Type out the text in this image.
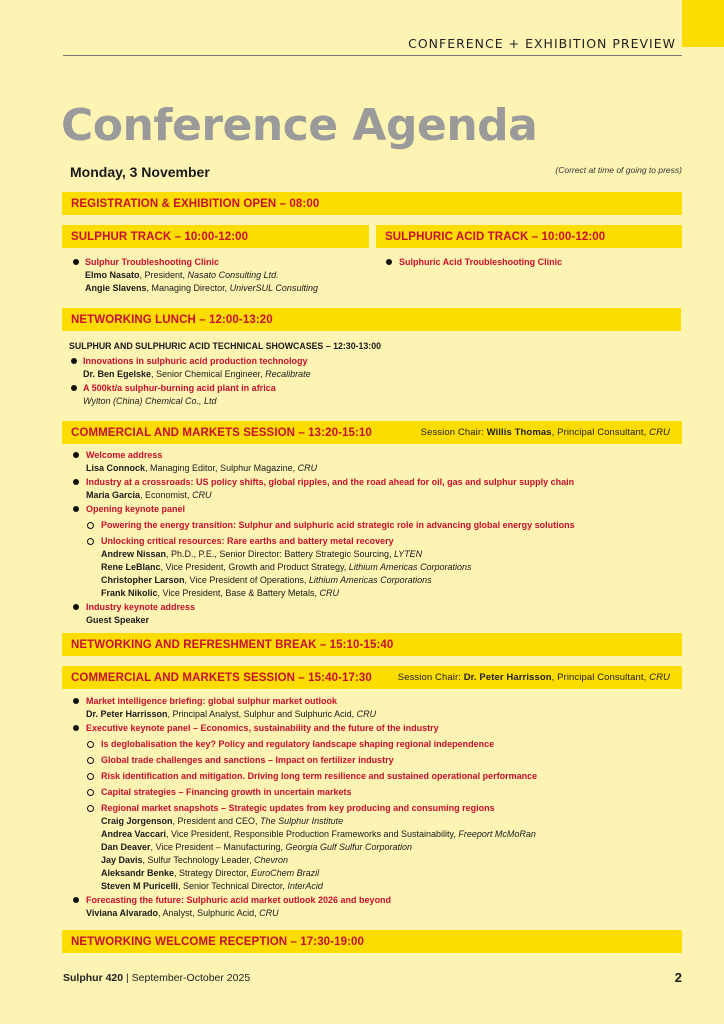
CONFERENCE + EXHIBITION PREVIEW
Conference Agenda
Monday, 3 November	(Correct at time of going to press)
REGISTRATION & EXHIBITION OPEN – 08:00
SULPHUR TRACK – 10:00-12:00	SULPHURIC ACID TRACK – 10:00-12:00
Sulphur Troubleshooting Clinic
Elmo Nasato, President, Nasato Consulting Ltd.
Angie Slavens, Managing Director, UniverSUL Consulting
Sulphuric Acid Troubleshooting Clinic
NETWORKING LUNCH – 12:00-13:20
SULPHUR AND SULPHURIC ACID TECHNICAL SHOWCASES – 12:30-13:00
Innovations in sulphuric acid production technology
Dr. Ben Egelske, Senior Chemical Engineer, Recalibrate
A 500kt/a sulphur-burning acid plant in africa
Wylton (China) Chemical Co., Ltd
COMMERCIAL AND MARKETS SESSION – 13:20-15:10	Session Chair: Willis Thomas, Principal Consultant, CRU
Welcome address
Lisa Connock, Managing Editor, Sulphur Magazine, CRU
Industry at a crossroads: US policy shifts, global ripples, and the road ahead for oil, gas and sulphur supply chain
Maria Garcia, Economist, CRU
Opening keynote panel
Powering the energy transition: Sulphur and sulphuric acid strategic role in advancing global energy solutions
Unlocking critical resources: Rare earths and battery metal recovery
Andrew Nissan, Ph.D., P.E., Senior Director: Battery Strategic Sourcing, LYTEN
Rene LeBlanc, Vice President, Growth and Product Strategy, Lithium Americas Corporations
Christopher Larson, Vice President of Operations, Lithium Americas Corporations
Frank Nikolic, Vice President, Base & Battery Metals, CRU
Industry keynote address
Guest Speaker
NETWORKING AND REFRESHMENT BREAK – 15:10-15:40
COMMERCIAL AND MARKETS SESSION – 15:40-17:30	Session Chair: Dr. Peter Harrisson, Principal Consultant, CRU
Market intelligence briefing: global sulphur market outlook
Dr. Peter Harrisson, Principal Analyst, Sulphur and Sulphuric Acid, CRU
Executive keynote panel – Economics, sustainability and the future of the industry
Is deglobalisation the key? Policy and regulatory landscape shaping regional independence
Global trade challenges and sanctions – Impact on fertilizer industry
Risk identification and mitigation. Driving long term resilience and sustained operational performance
Capital strategies – Financing growth in uncertain markets
Regional market snapshots – Strategic updates from key producing and consuming regions
Craig Jorgenson, President and CEO, The Sulphur Institute
Andrea Vaccari, Vice President, Responsible Production Frameworks and Sustainability, Freeport McMoRan
Dan Deaver, Vice President – Manufacturing, Georgia Gulf Sulfur Corporation
Jay Davis, Sulfur Technology Leader, Chevron
Aleksandr Benke, Strategy Director, EuroChem Brazil
Steven M Puricelli, Senior Technical Director, InterAcid
Forecasting the future: Sulphuric acid market outlook 2026 and beyond
Viviana Alvarado, Analyst, Sulphuric Acid, CRU
NETWORKING WELCOME RECEPTION – 17:30-19:00
Sulphur 420 | September-October 2025	2
